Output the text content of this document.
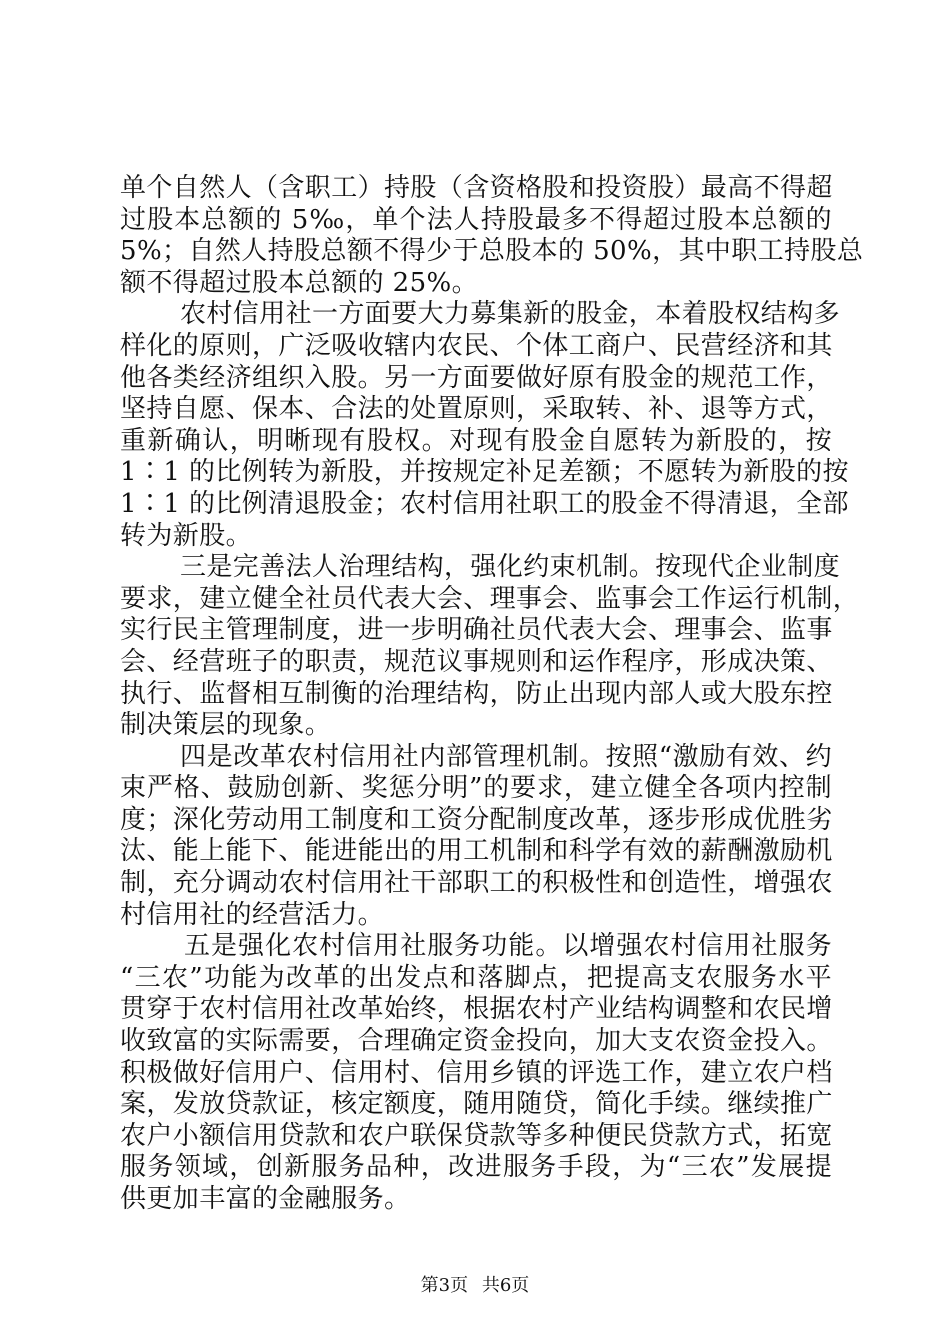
单个自然人（含职工）持股（含资格股和投资股）最高不得超
过股本总额的 5‰，单个法人持股最多不得超过股本总额的
5%；自然人持股总额不得少于总股本的 50%，其中职工持股总
额不得超过股本总额的 25%。
农村信用社一方面要大力募集新的股金，本着股权结构多
样化的原则，广泛吸收辖内农民、个体工商户、民营经济和其
他各类经济组织入股。另一方面要做好原有股金的规范工作，
坚持自愿、保本、合法的处置原则，采取转、补、退等方式，
重新确认，明晰现有股权。对现有股金自愿转为新股的，按
1∶1 的比例转为新股，并按规定补足差额；不愿转为新股的按
1∶1 的比例清退股金；农村信用社职工的股金不得清退，全部
转为新股。
三是完善法人治理结构，强化约束机制。按现代企业制度
要求，建立健全社员代表大会、理事会、监事会工作运行机制，
实行民主管理制度，进一步明确社员代表大会、理事会、监事
会、经营班子的职责，规范议事规则和运作程序，形成决策、
执行、监督相互制衡的治理结构，防止出现内部人或大股东控
制决策层的现象。
四是改革农村信用社内部管理机制。按照“激励有效、约
束严格、鼓励创新、奖惩分明”的要求，建立健全各项内控制
度；深化劳动用工制度和工资分配制度改革，逐步形成优胜劣
汰、能上能下、能进能出的用工机制和科学有效的薪酬激励机
制，充分调动农村信用社干部职工的积极性和创造性，增强农
村信用社的经营活力。
五是强化农村信用社服务功能。以增强农村信用社服务
“三农”功能为改革的出发点和落脚点，把提高支农服务水平
贯穿于农村信用社改革始终，根据农村产业结构调整和农民增
收致富的实际需要，合理确定资金投向，加大支农资金投入。
积极做好信用户、信用村、信用乡镇的评选工作，建立农户档
案，发放贷款证，核定额度，随用随贷，简化手续。继续推广
农户小额信用贷款和农户联保贷款等多种便民贷款方式，拓宽
服务领域，创新服务品种，改进服务手段，为“三农”发展提
供更加丰富的金融服务。
第3页 共6页
